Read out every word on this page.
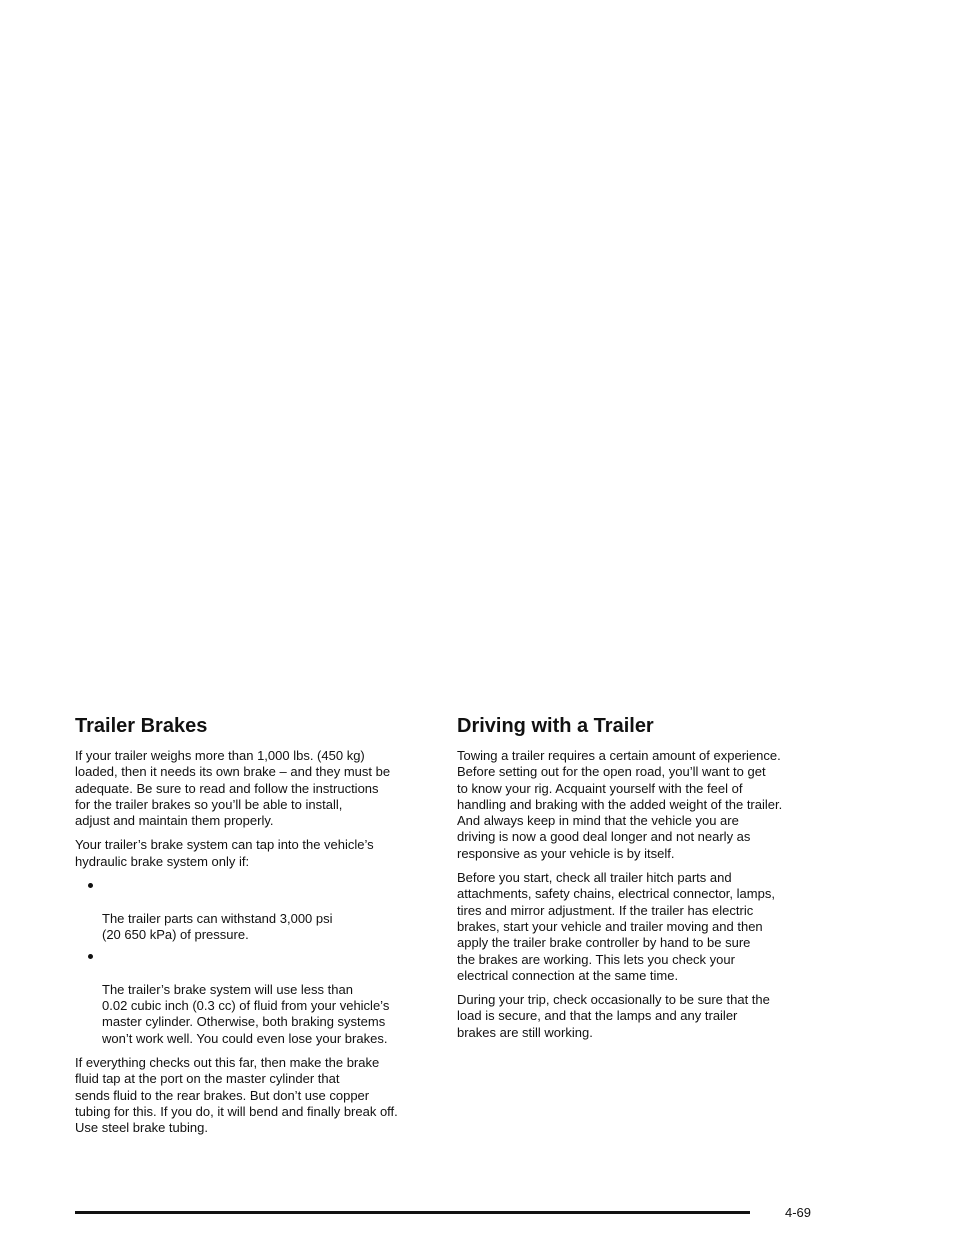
Trailer Brakes

If your trailer weighs more than 1,000 lbs. (450 kg)
loaded, then it needs its own brake – and they must be
adequate. Be sure to read and follow the instructions
for the trailer brakes so you’ll be able to install,
adjust and maintain them properly.

Your trailer’s brake system can tap into the vehicle’s
hydraulic brake system only if:

The trailer parts can withstand 3,000 psi
(20 650 kPa) of pressure.

The trailer’s brake system will use less than
0.02 cubic inch (0.3 cc) of fluid from your vehicle’s
master cylinder. Otherwise, both braking systems
won’t work well. You could even lose your brakes.

If everything checks out this far, then make the brake
fluid tap at the port on the master cylinder that
sends fluid to the rear brakes. But don’t use copper
tubing for this. If you do, it will bend and finally break off.
Use steel brake tubing.

Driving with a Trailer

Towing a trailer requires a certain amount of experience.
Before setting out for the open road, you’ll want to get
to know your rig. Acquaint yourself with the feel of
handling and braking with the added weight of the trailer.
And always keep in mind that the vehicle you are
driving is now a good deal longer and not nearly as
responsive as your vehicle is by itself.

Before you start, check all trailer hitch parts and
attachments, safety chains, electrical connector, lamps,
tires and mirror adjustment. If the trailer has electric
brakes, start your vehicle and trailer moving and then
apply the trailer brake controller by hand to be sure
the brakes are working. This lets you check your
electrical connection at the same time.

During your trip, check occasionally to be sure that the
load is secure, and that the lamps and any trailer
brakes are still working.

4-69
